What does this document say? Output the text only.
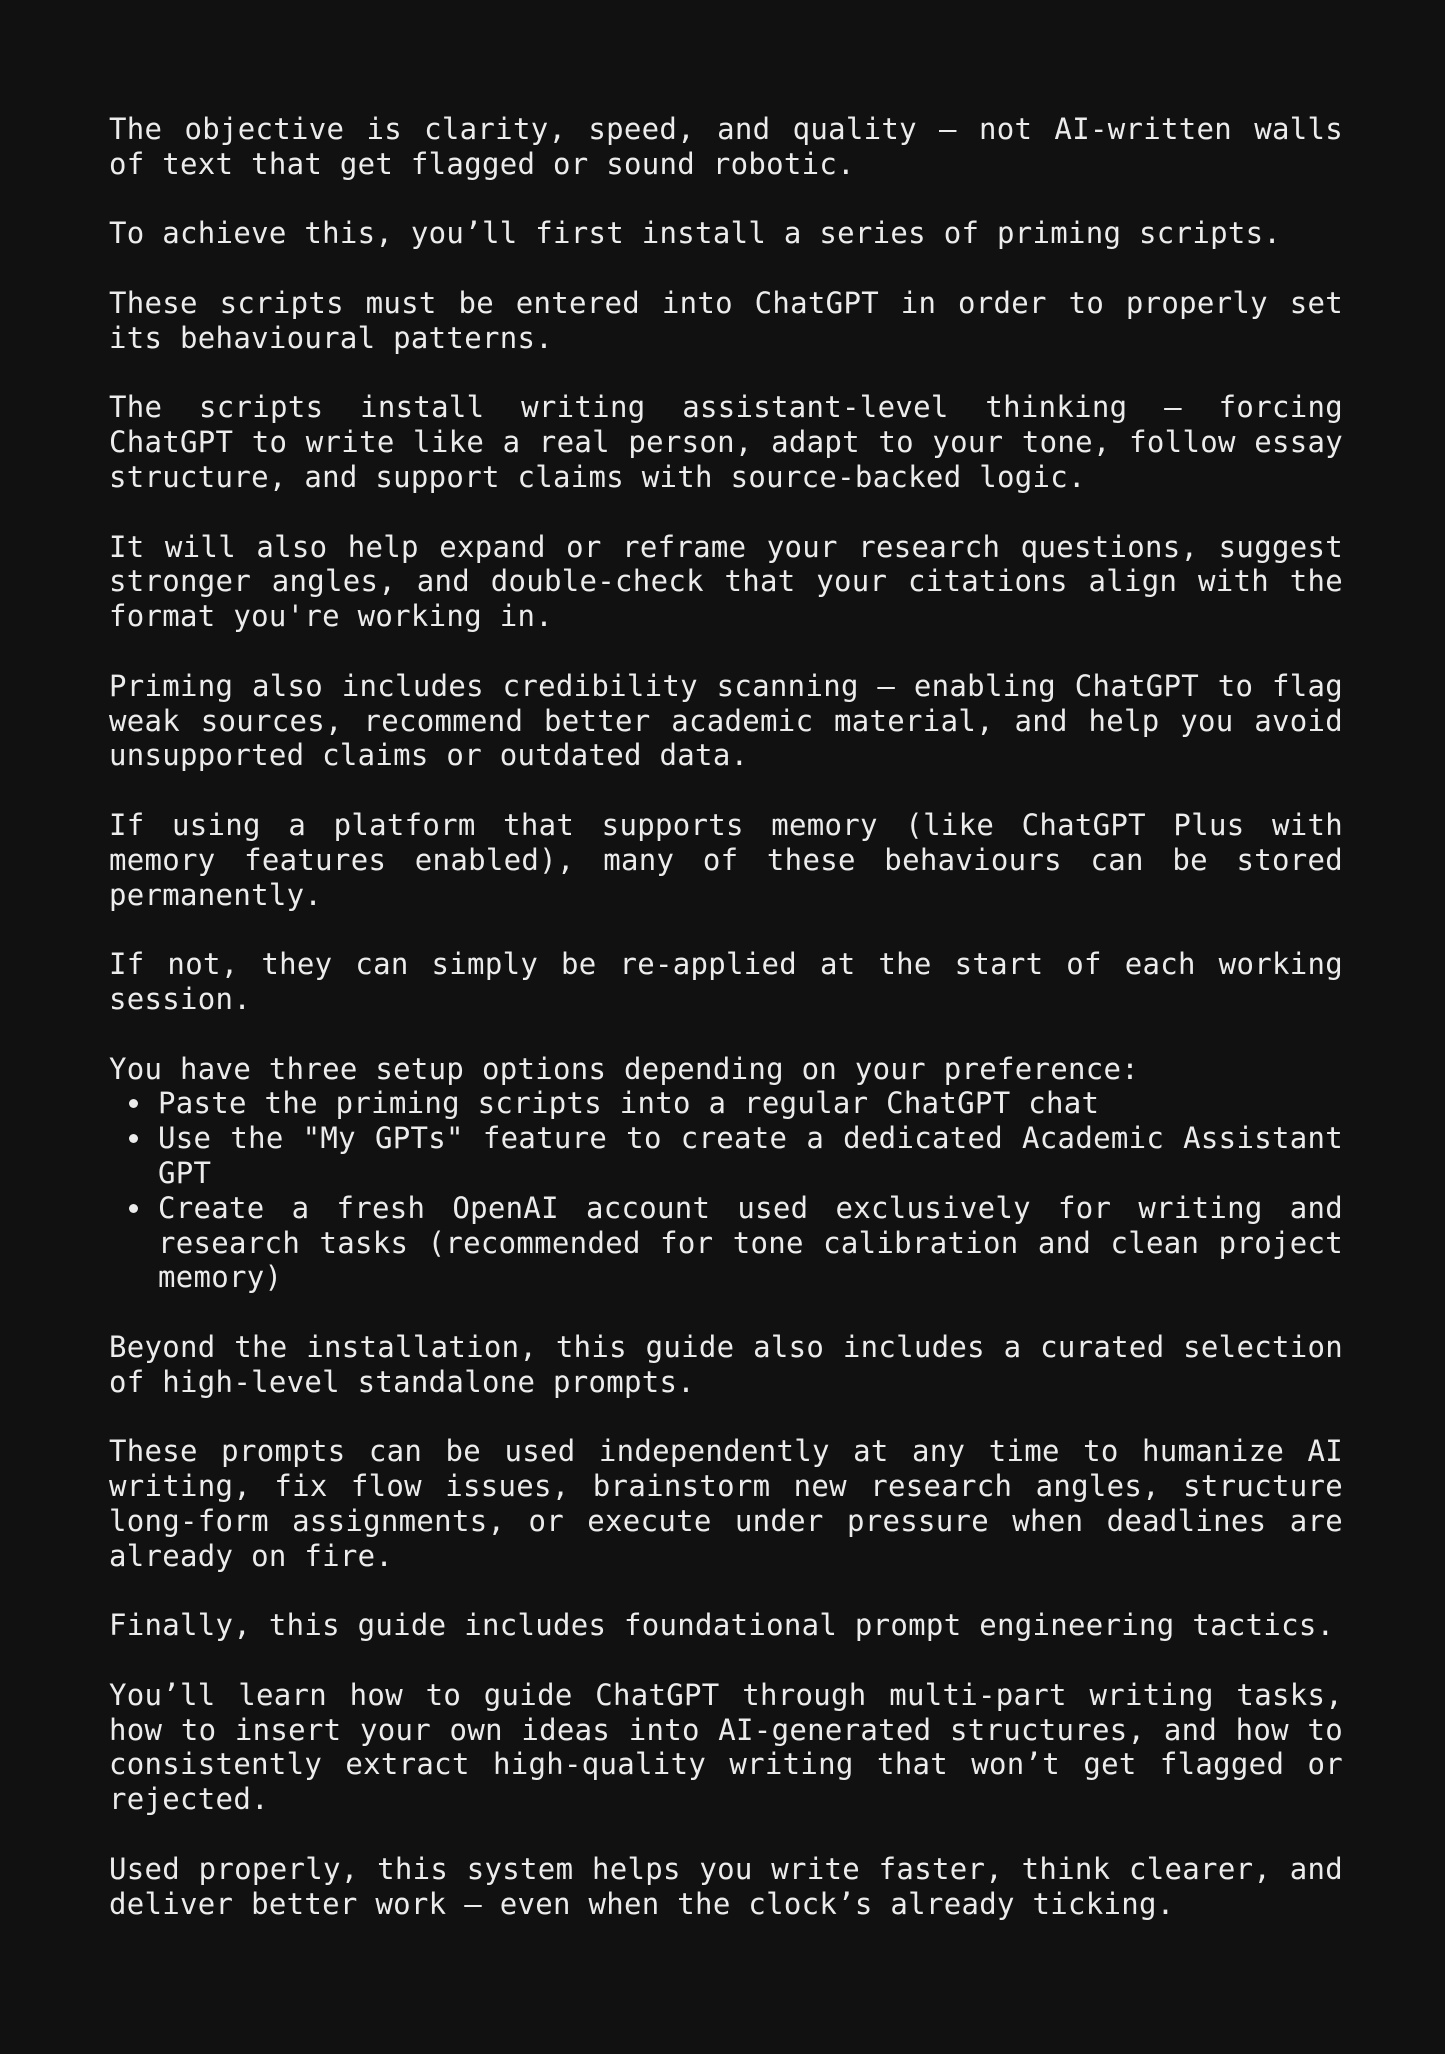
The objective is clarity, speed, and quality — not AI-written walls of text that get flagged or sound robotic.

To achieve this, you’ll first install a series of priming scripts.

These scripts must be entered into ChatGPT in order to properly set its behavioural patterns.

The scripts install writing assistant-level thinking — forcing ChatGPT to write like a real person, adapt to your tone, follow essay structure, and support claims with source-backed logic.

It will also help expand or reframe your research questions, suggest stronger angles, and double-check that your citations align with the format you're working in.

Priming also includes credibility scanning — enabling ChatGPT to flag weak sources, recommend better academic material, and help you avoid unsupported claims or outdated data.

If using a platform that supports memory (like ChatGPT Plus with memory features enabled), many of these behaviours can be stored permanently.

If not, they can simply be re-applied at the start of each working session.

You have three setup options depending on your preference:

Paste the priming scripts into a regular ChatGPT chat
Use the "My GPTs" feature to create a dedicated Academic Assistant GPT
Create a fresh OpenAI account used exclusively for writing and research tasks (recommended for tone calibration and clean project memory)

Beyond the installation, this guide also includes a curated selection of high-level standalone prompts.

These prompts can be used independently at any time to humanize AI writing, fix flow issues, brainstorm new research angles, structure long-form assignments, or execute under pressure when deadlines are already on fire.

Finally, this guide includes foundational prompt engineering tactics.

You’ll learn how to guide ChatGPT through multi-part writing tasks, how to insert your own ideas into AI-generated structures, and how to consistently extract high-quality writing that won’t get flagged or rejected.

Used properly, this system helps you write faster, think clearer, and deliver better work — even when the clock’s already ticking.
